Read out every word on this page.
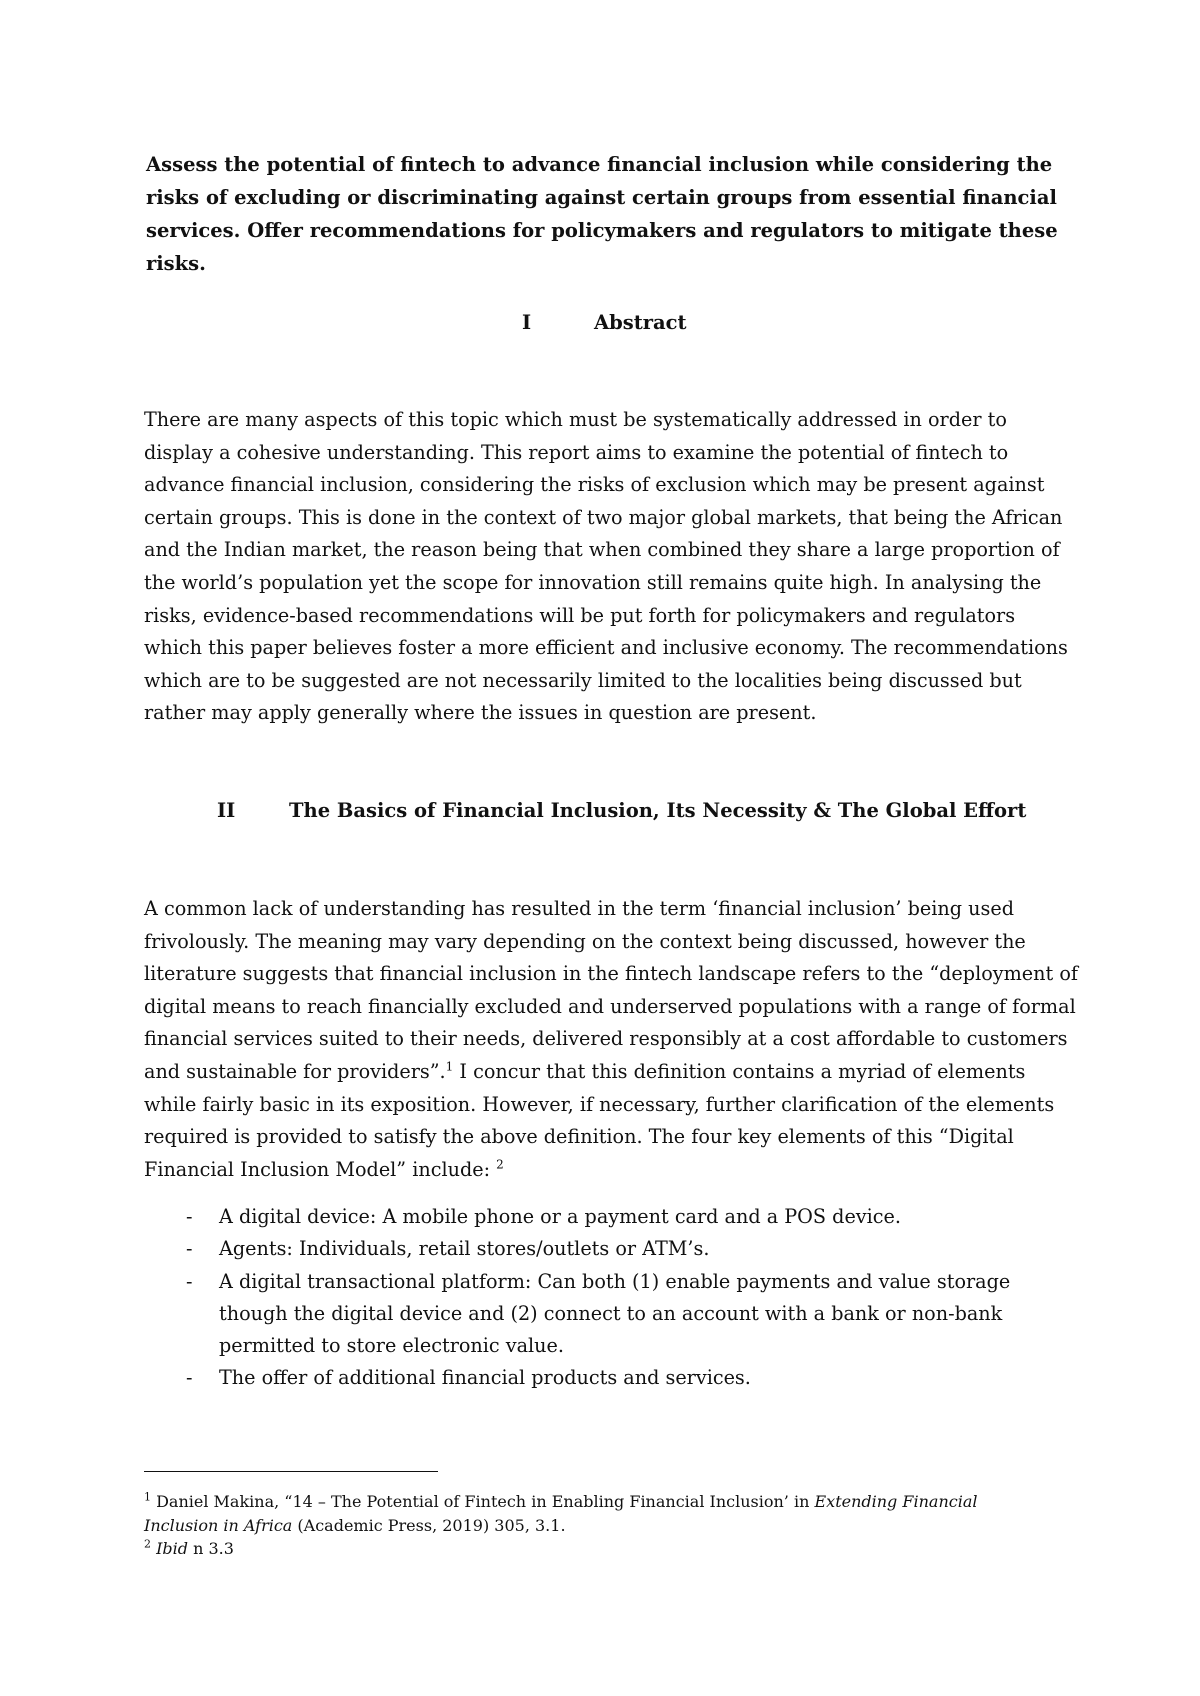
Assess the potential of fintech to advance financial inclusion while considering the risks of excluding or discriminating against certain groups from essential financial services. Offer recommendations for policymakers and regulators to mitigate these risks.

I	Abstract

There are many aspects of this topic which must be systematically addressed in order to display a cohesive understanding. This report aims to examine the potential of fintech to advance financial inclusion, considering the risks of exclusion which may be present against certain groups. This is done in the context of two major global markets, that being the African and the Indian market, the reason being that when combined they share a large proportion of the world’s population yet the scope for innovation still remains quite high. In analysing the risks, evidence-based recommendations will be put forth for policymakers and regulators which this paper believes foster a more efficient and inclusive economy. The recommendations which are to be suggested are not necessarily limited to the localities being discussed but rather may apply generally where the issues in question are present.

II	The Basics of Financial Inclusion, Its Necessity & The Global Effort

A common lack of understanding has resulted in the term ‘financial inclusion’ being used frivolously. The meaning may vary depending on the context being discussed, however the literature suggests that financial inclusion in the fintech landscape refers to the “deployment of digital means to reach financially excluded and underserved populations with a range of formal financial services suited to their needs, delivered responsibly at a cost affordable to customers and sustainable for providers”.$^1$ I concur that this definition contains a myriad of elements while fairly basic in its exposition. However, if necessary, further clarification of the elements required is provided to satisfy the above definition. The four key elements of this “Digital Financial Inclusion Model” include: $^2$

- A digital device: A mobile phone or a payment card and a POS device.
- Agents: Individuals, retail stores/outlets or ATM’s.
- A digital transactional platform: Can both (1) enable payments and value storage though the digital device and (2) connect to an account with a bank or non-bank permitted to store electronic value.
- The offer of additional financial products and services.

$^1$ Daniel Makina, “14 – The Potential of Fintech in Enabling Financial Inclusion’ in Extending Financial Inclusion in Africa (Academic Press, 2019) 305, 3.1.

$^2$ Ibid n 3.3
